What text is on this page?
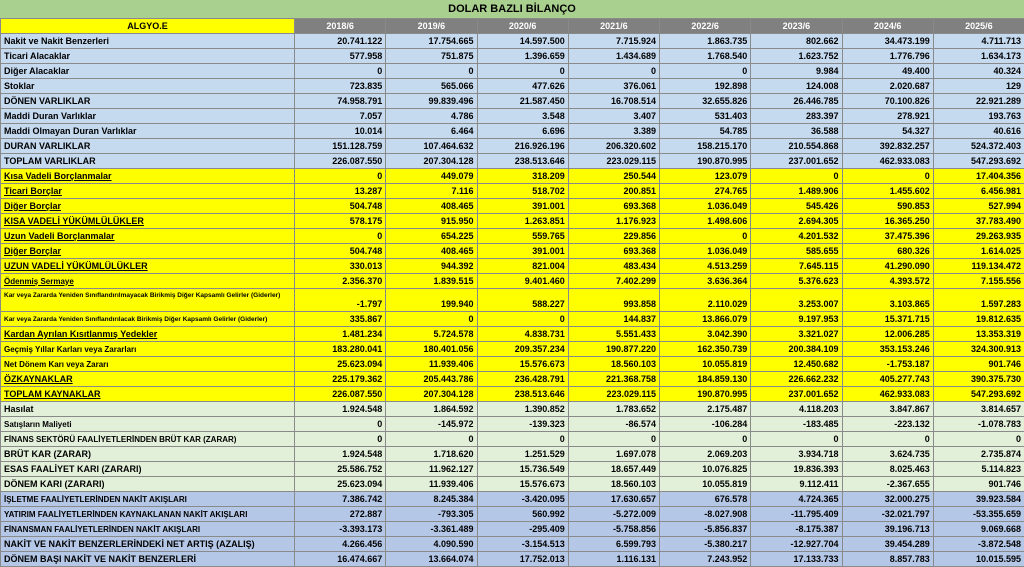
DOLAR BAZLI BİLANÇO
ALGYO.E	2018/6	2019/6	2020/6	2021/6	2022/6	2023/6	2024/6	2025/6
Nakit ve Nakit Benzerleri	20.741.122	17.754.665	14.597.500	7.715.924	1.863.735	802.662	34.473.199	4.711.713
Ticari Alacaklar	577.958	751.875	1.396.659	1.434.689	1.768.540	1.623.752	1.776.796	1.634.173
Diğer Alacaklar	0	0	0	0	0	9.984	49.400	40.324
Stoklar	723.835	565.066	477.626	376.061	192.898	124.008	2.020.687	129
DÖNEN VARLIKLAR	74.958.791	99.839.496	21.587.450	16.708.514	32.655.826	26.446.785	70.100.826	22.921.289
Maddi Duran Varlıklar	7.057	4.786	3.548	3.407	531.403	283.397	278.921	193.763
Maddi Olmayan Duran Varlıklar	10.014	6.464	6.696	3.389	54.785	36.588	54.327	40.616
DURAN VARLIKLAR	151.128.759	107.464.632	216.926.196	206.320.602	158.215.170	210.554.868	392.832.257	524.372.403
TOPLAM VARLIKLAR	226.087.550	207.304.128	238.513.646	223.029.115	190.870.995	237.001.652	462.933.083	547.293.692
Kısa Vadeli Borçlanmalar	0	449.079	318.209	250.544	123.079	0	0	17.404.356
Ticari Borçlar	13.287	7.116	518.702	200.851	274.765	1.489.906	1.455.602	6.456.981
Diğer Borçlar	504.748	408.465	391.001	693.368	1.036.049	545.426	590.853	527.994
KISA VADELİ YÜKÜMLÜLÜKLER	578.175	915.950	1.263.851	1.176.923	1.498.606	2.694.305	16.365.250	37.783.490
Uzun Vadeli Borçlanmalar	0	654.225	559.765	229.856	0	4.201.532	37.475.396	29.263.935
Diğer Borçlar	504.748	408.465	391.001	693.368	1.036.049	585.655	680.326	1.614.025
UZUN VADELİ YÜKÜMLÜLÜKLER	330.013	944.392	821.004	483.434	4.513.259	7.645.115	41.290.090	119.134.472
Ödenmiş Sermaye	2.356.370	1.839.515	9.401.460	7.402.299	3.636.364	5.376.623	4.393.572	7.155.556
Kar veya Zararda Yeniden Sınıflandırılmayacak Birikmiş Diğer Kapsamlı Gelirler (Giderler)	-1.797	199.940	588.227	993.858	2.110.029	3.253.007	3.103.865	1.597.283
Kar veya Zararda Yeniden Sınıflandırılacak Birikmiş Diğer Kapsamlı Gelirler (Giderler)	335.867	0	0	144.837	13.866.079	9.197.953	15.371.715	19.812.635
Kardan Ayrılan Kısıtlanmış Yedekler	1.481.234	5.724.578	4.838.731	5.551.433	3.042.390	3.321.027	12.006.285	13.353.319
Geçmiş Yıllar Karları veya Zararları	183.280.041	180.401.056	209.357.234	190.877.220	162.350.739	200.384.109	353.153.246	324.300.913
Net Dönem Karı veya Zararı	25.623.094	11.939.406	15.576.673	18.560.103	10.055.819	12.450.682	-1.753.187	901.746
ÖZKAYNAKLAR	225.179.362	205.443.786	236.428.791	221.368.758	184.859.130	226.662.232	405.277.743	390.375.730
TOPLAM KAYNAKLAR	226.087.550	207.304.128	238.513.646	223.029.115	190.870.995	237.001.652	462.933.083	547.293.692
Hasılat	1.924.548	1.864.592	1.390.852	1.783.652	2.175.487	4.118.203	3.847.867	3.814.657
Satışların Maliyeti	0	-145.972	-139.323	-86.574	-106.284	-183.485	-223.132	-1.078.783
FİNANS SEKTÖRÜ FAALİYETLERİNDEN BRÜT KAR (ZARAR)	0	0	0	0	0	0	0	0
BRÜT KAR (ZARAR)	1.924.548	1.718.620	1.251.529	1.697.078	2.069.203	3.934.718	3.624.735	2.735.874
ESAS FAALİYET KARI (ZARARI)	25.586.752	11.962.127	15.736.549	18.657.449	10.076.825	19.836.393	8.025.463	5.114.823
DÖNEM KARI (ZARARI)	25.623.094	11.939.406	15.576.673	18.560.103	10.055.819	9.112.411	-2.367.655	901.746
İŞLETME FAALİYETLERİNDEN NAKİT AKIŞLARI	7.386.742	8.245.384	-3.420.095	17.630.657	676.578	4.724.365	32.000.275	39.923.584
YATIRIM FAALİYETLERİNDEN KAYNAKLANAN NAKİT AKIŞLARI	272.887	-793.305	560.992	-5.272.009	-8.027.908	-11.795.409	-32.021.797	-53.355.659
FİNANSMAN FAALİYETLERİNDEN NAKİT AKIŞLARI	-3.393.173	-3.361.489	-295.409	-5.758.856	-5.856.837	-8.175.387	39.196.713	9.069.668
NAKİT VE NAKİT BENZERLERİNDEKİ NET ARTIŞ (AZALIŞ)	4.266.456	4.090.590	-3.154.513	6.599.793	-5.380.217	-12.927.704	39.454.289	-3.872.548
DÖNEM BAŞI NAKİT VE NAKİT BENZERLERİ	16.474.667	13.664.074	17.752.013	1.116.131	7.243.952	17.133.733	8.857.783	10.015.595
